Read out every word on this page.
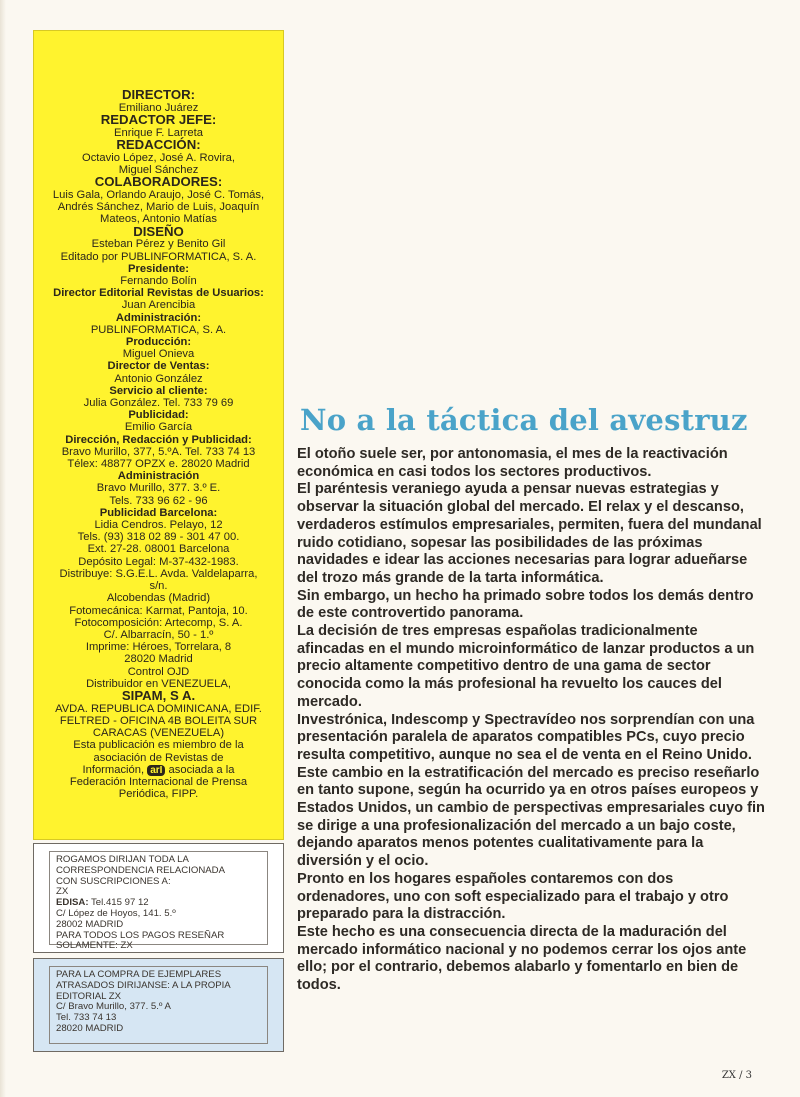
DIRECTOR:
Emiliano Juárez
REDACTOR JEFE:
Enrique F. Larreta
REDACCIÓN:
Octavio López, José A. Rovira,
Miguel Sánchez
COLABORADORES:
Luis Gala, Orlando Araujo, José C. Tomás,
Andrés Sánchez, Mario de Luis, Joaquín
Mateos, Antonio Matías
DISEÑO
Esteban Pérez y Benito Gil
Editado por PUBLINFORMATICA, S. A.
Presidente:
Fernando Bolín
Director Editorial Revistas de Usuarios:
Juan Arencibia
Administración:
PUBLINFORMATICA, S. A.
Producción:
Miguel Onieva
Director de Ventas:
Antonio González
Servicio al cliente:
Julia González. Tel. 733 79 69
Publicidad:
Emilio García
Dirección, Redacción y Publicidad:
Bravo Murillo, 377, 5.ºA. Tel. 733 74 13
Télex: 48877 OPZX e. 28020 Madrid
Administración
Bravo Murillo, 377. 3.º E.
Tels. 733 96 62 - 96
Publicidad Barcelona:
Lidia Cendros. Pelayo, 12
Tels. (93) 318 02 89 - 301 47 00.
Ext. 27-28. 08001 Barcelona
Depósito Legal: M-37-432-1983.
Distribuye: S.G.E.L. Avda. Valdelaparra,
s/n.
Alcobendas (Madrid)
Fotomecánica: Karmat, Pantoja, 10.
Fotocomposición: Artecomp, S. A.
C/. Albarracín, 50 - 1.º
Imprime: Héroes, Torrelara, 8
28020 Madrid
Control OJD
Distribuidor en VENEZUELA,
SIPAM, S A.
AVDA. REPUBLICA DOMINICANA, EDIF.
FELTRED - OFICINA 4B BOLEITA SUR
CARACAS (VENEZUELA)
Esta publicación es miembro de la
asociación de Revistas de
Información, arI asociada a la
Federación Internacional de Prensa
Periódica, FIPP.
ROGAMOS DIRIJAN TODA LA
CORRESPONDENCIA RELACIONADA
CON SUSCRIPCIONES A:
ZX
EDISA: Tel.415 97 12
C/ López de Hoyos, 141. 5.º
28002 MADRID
PARA TODOS LOS PAGOS RESEÑAR
SOLAMENTE: ZX
PARA LA COMPRA DE EJEMPLARES
ATRASADOS DIRIJANSE: A LA PROPIA
EDITORIAL ZX
C/ Bravo Murillo, 377. 5.º A
Tel. 733 74 13
28020 MADRID
No a la táctica del avestruz

El otoño suele ser, por antonomasia, el mes de la reactivación económica en casi todos los sectores productivos.

El paréntesis veraniego ayuda a pensar nuevas estrategias y observar la situación global del mercado. El relax y el descanso, verdaderos estímulos empresariales, permiten, fuera del mundanal ruido cotidiano, sopesar las posibilidades de las próximas navidades e idear las acciones necesarias para lograr adueñarse del trozo más grande de la tarta informática.

Sin embargo, un hecho ha primado sobre todos los demás dentro de este controvertido panorama.

La decisión de tres empresas españolas tradicionalmente afincadas en el mundo microinformático de lanzar productos a un precio altamente competitivo dentro de una gama de sector conocida como la más profesional ha revuelto los cauces del mercado.

Investrónica, Indescomp y Spectravídeo nos sorprendían con una presentación paralela de aparatos compatibles PCs, cuyo precio resulta competitivo, aunque no sea el de venta en el Reino Unido.

Este cambio en la estratificación del mercado es preciso reseñarlo en tanto supone, según ha ocurrido ya en otros países europeos y Estados Unidos, un cambio de perspectivas empresariales cuyo fin se dirige a una profesionalización del mercado a un bajo coste, dejando aparatos menos potentes cualitativamente para la diversión y el ocio.

Pronto en los hogares españoles contaremos con dos ordenadores, uno con soft especializado para el trabajo y otro preparado para la distracción.

Este hecho es una consecuencia directa de la maduración del mercado informático nacional y no podemos cerrar los ojos ante ello; por el contrario, debemos alabarlo y fomentarlo en bien de todos.

ZX / 3
